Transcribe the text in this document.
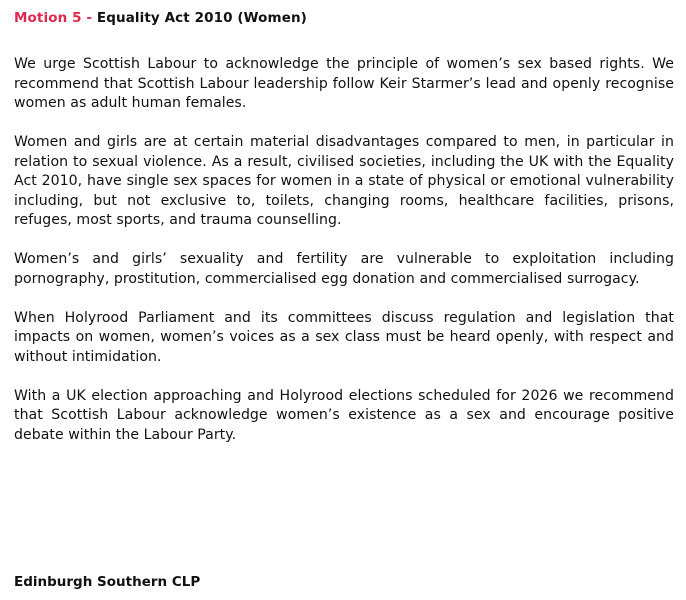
Motion 5 - Equality Act 2010 (Women)

We urge Scottish Labour to acknowledge the principle of women’s sex based rights. We recommend that Scottish Labour leadership follow Keir Starmer’s lead and openly recognise women as adult human females.

Women and girls are at certain material disadvantages compared to men, in particular in relation to sexual violence. As a result, civilised societies, including the UK with the Equality Act 2010, have single sex spaces for women in a state of physical or emotional vulnerability including, but not exclusive to, toilets, changing rooms, healthcare facilities, prisons, refuges, most sports, and trauma counselling.

Women’s and girls’ sexuality and fertility are vulnerable to exploitation including pornography, prostitution, commercialised egg donation and commercialised surrogacy.

When Holyrood Parliament and its committees discuss regulation and legislation that impacts on women, women’s voices as a sex class must be heard openly, with respect and without intimidation.

With a UK election approaching and Holyrood elections scheduled for 2026 we recommend that Scottish Labour acknowledge women’s existence as a sex and encourage positive debate within the Labour Party.

Edinburgh Southern CLP
